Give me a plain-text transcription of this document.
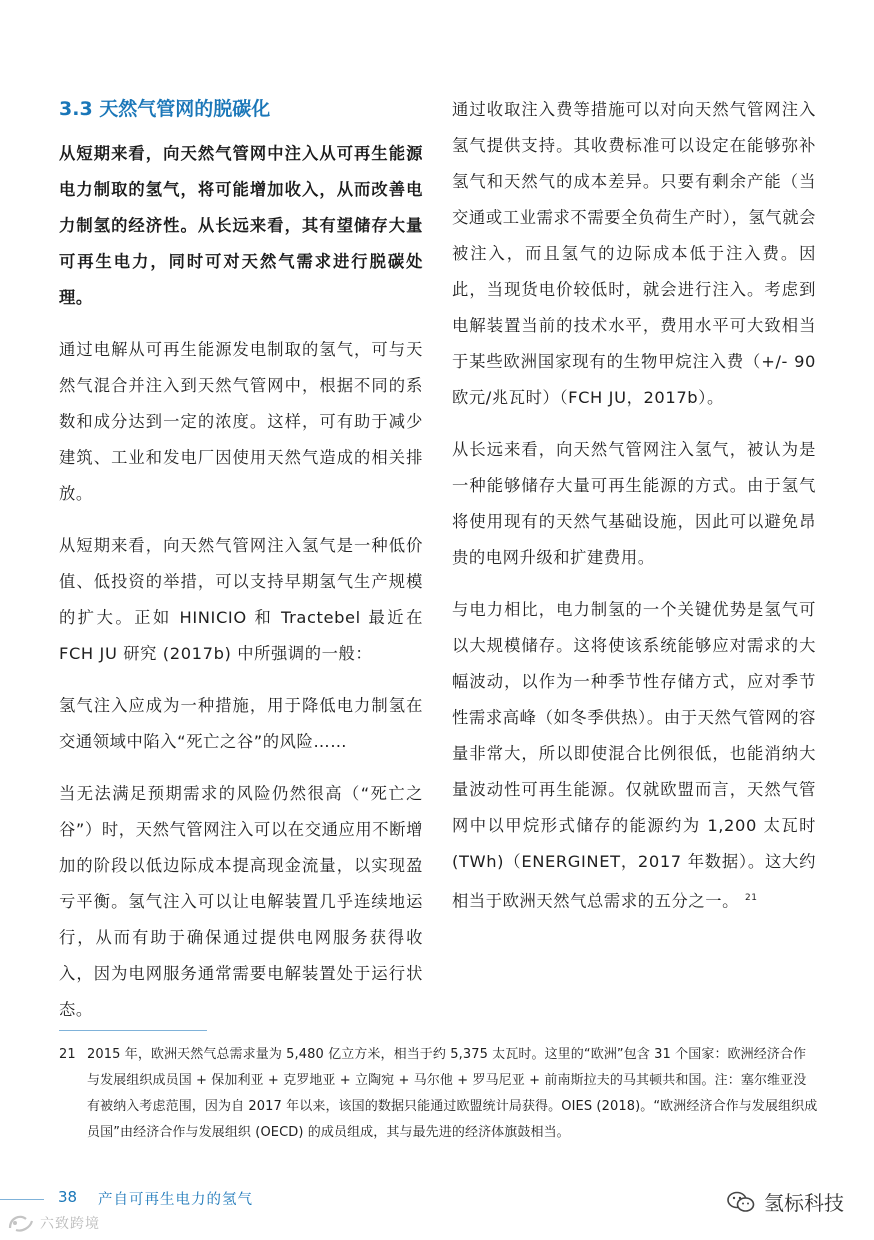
3.3 天然气管网的脱碳化

从短期来看，向天然气管网中注入从可再生能源电力制取的氢气，将可能增加收入，从而改善电力制氢的经济性。从长远来看，其有望储存大量可再生电力，同时可对天然气需求进行脱碳处理。

通过电解从可再生能源发电制取的氢气，可与天然气混合并注入到天然气管网中，根据不同的系数和成分达到一定的浓度。这样，可有助于减少建筑、工业和发电厂因使用天然气造成的相关排放。

从短期来看，向天然气管网注入氢气是一种低价值、低投资的举措，可以支持早期氢气生产规模的扩大。正如 HINICIO 和 Tractebel 最近在 FCH JU 研究 (2017b) 中所强调的一般：

氢气注入应成为一种措施，用于降低电力制氢在交通领域中陷入“死亡之谷”的风险……

当无法满足预期需求的风险仍然很高（“死亡之谷”）时，天然气管网注入可以在交通应用不断增加的阶段以低边际成本提高现金流量，以实现盈亏平衡。氢气注入可以让电解装置几乎连续地运行，从而有助于确保通过提供电网服务获得收入，因为电网服务通常需要电解装置处于运行状态。

通过收取注入费等措施可以对向天然气管网注入氢气提供支持。其收费标准可以设定在能够弥补氢气和天然气的成本差异。只要有剩余产能（当交通或工业需求不需要全负荷生产时），氢气就会被注入，而且氢气的边际成本低于注入费。因此，当现货电价较低时，就会进行注入。考虑到电解装置当前的技术水平，费用水平可大致相当于某些欧洲国家现有的生物甲烷注入费（+/- 90 欧元/兆瓦时）（FCH JU，2017b）。

从长远来看，向天然气管网注入氢气，被认为是一种能够储存大量可再生能源的方式。由于氢气将使用现有的天然气基础设施，因此可以避免昂贵的电网升级和扩建费用。

与电力相比，电力制氢的一个关键优势是氢气可以大规模储存。这将使该系统能够应对需求的大幅波动，以作为一种季节性存储方式，应对季节性需求高峰（如冬季供热）。由于天然气管网的容量非常大，所以即使混合比例很低，也能消纳大量波动性可再生能源。仅就欧盟而言，天然气管网中以甲烷形式储存的能源约为 1,200 太瓦时 (TWh)（ENERGINET，2017 年数据）。这大约相当于欧洲天然气总需求的五分之一。 $^{21}$

21 2015 年，欧洲天然气总需求量为 5,480 亿立方米，相当于约 5,375 太瓦时。这里的“欧洲”包含 31 个国家：欧洲经济合作与发展组织成员国 + 保加利亚 + 克罗地亚 + 立陶宛 + 马尔他 + 罗马尼亚 + 前南斯拉夫的马其顿共和国。注：塞尔维亚没有被纳入考虑范围，因为自 2017 年以来，该国的数据只能通过欧盟统计局获得。OIES (2018)。“欧洲经济合作与发展组织成员国”由经济合作与发展组织 (OECD) 的成员组成，其与最先进的经济体旗鼓相当。
38 产自可再生电力的氢气	氢标科技
六致跨境
